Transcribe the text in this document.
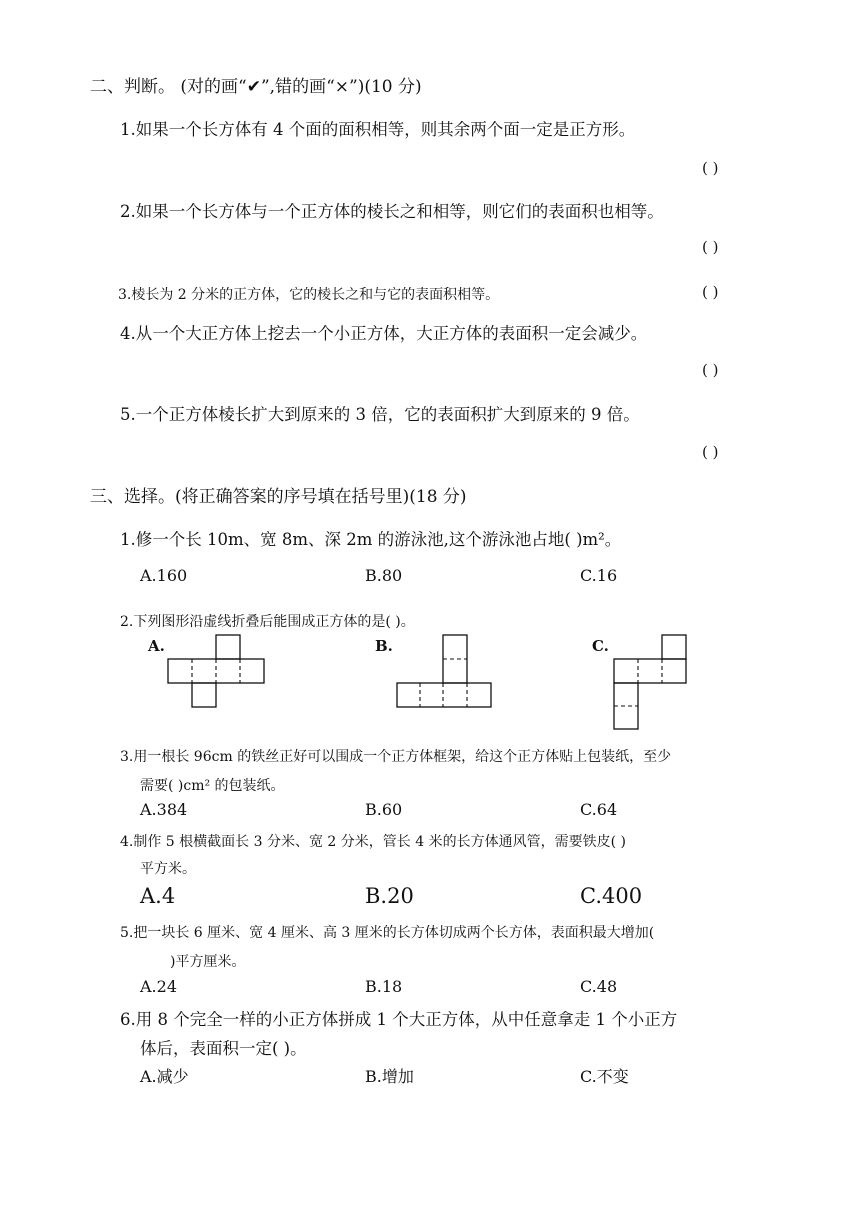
二、判断。 (对的画“✔”,错的画“×”)(10 分)
1.如果一个长方体有 4 个面的面积相等，则其余两个面一定是正方形。
( )
2.如果一个长方体与一个正方体的棱长之和相等，则它们的表面积也相等。
( )
3.棱长为 2 分米的正方体，它的棱长之和与它的表面积相等。	( )
4.从一个大正方体上挖去一个小正方体，大正方体的表面积一定会减少。
( )
5.一个正方体棱长扩大到原来的 3 倍，它的表面积扩大到原来的 9 倍。
( )
三、选择。(将正确答案的序号填在括号里)(18 分)
1.修一个长 10m、宽 8m、深 2m 的游泳池,这个游泳池占地( )m²。
A.160	B.80	C.16
2.下列图形沿虚线折叠后能围成正方体的是( )。
A.	B.	C.
3.用一根长 96cm 的铁丝正好可以围成一个正方体框架，给这个正方体贴上包装纸，至少
需要( )cm² 的包装纸。
A.384	B.60	C.64
4.制作 5 根横截面长 3 分米、宽 2 分米，管长 4 米的长方体通风管，需要铁皮( )
平方米。
A.4	B.20	C.400
5.把一块长 6 厘米、宽 4 厘米、高 3 厘米的长方体切成两个长方体，表面积最大增加(
)平方厘米。
A.24	B.18	C.48
6.用 8 个完全一样的小正方体拼成 1 个大正方体，从中任意拿走 1 个小正方
体后，表面积一定( )。
A.减少	B.增加	C.不变
